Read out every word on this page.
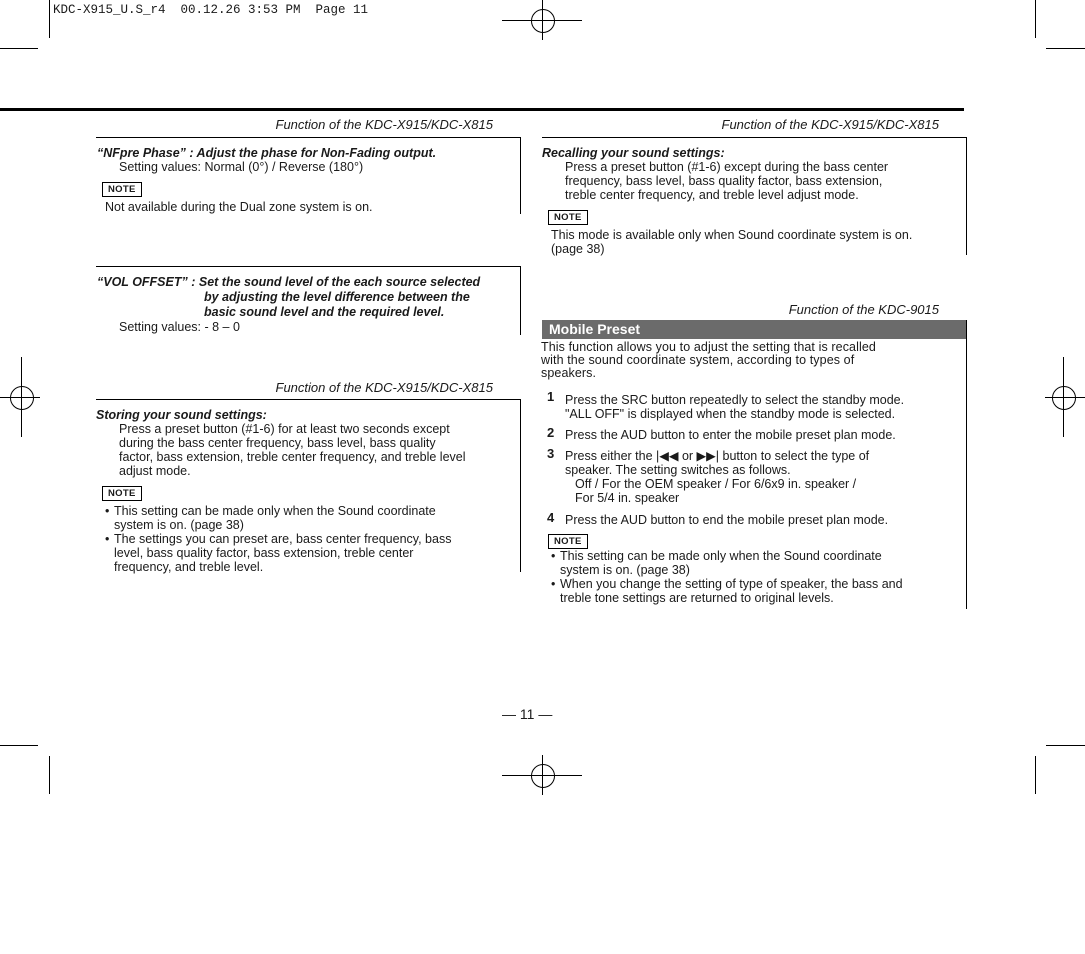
KDC-X915_U.S_r4  00.12.26 3:53 PM  Page 11
Function of the KDC-X915/KDC-X815
“NFpre Phase” : Adjust the phase for Non-Fading output.
Setting values: Normal (0°) / Reverse (180°)
NOTE
Not available during the Dual zone system is on.
“VOL OFFSET” : Set the sound level of the each source selected
by adjusting the level difference between the
basic sound level and the required level.
Setting values: - 8 – 0
Function of the KDC-X915/KDC-X815
Storing your sound settings:
Press a preset button (#1-6) for at least two seconds except
during the bass center frequency, bass level, bass quality
factor, bass extension, treble center frequency, and treble level
adjust mode.
NOTE
• This setting can be made only when the Sound coordinate
system is on. (page 38)
• The settings you can preset are, bass center frequency, bass
level, bass quality factor, bass extension, treble center
frequency, and treble level.
Function of the KDC-X915/KDC-X815
Recalling your sound settings:
Press a preset button (#1-6) except during the bass center
frequency, bass level, bass quality factor, bass extension,
treble center frequency, and treble level adjust mode.
NOTE
This mode is available only when Sound coordinate system is on.
(page 38)
Function of the KDC-9015
Mobile Preset
This function allows you to adjust the setting that is recalled
with the sound coordinate system, according to types of
speakers.
1 Press the SRC button repeatedly to select the standby mode.
"ALL OFF" is displayed when the standby mode is selected.
2 Press the AUD button to enter the mobile preset plan mode.
3 Press either the |◀◀ or ▶▶| button to select the type of
speaker. The setting switches as follows.
Off / For the OEM speaker / For 6/6x9 in. speaker /
For 5/4 in. speaker
4 Press the AUD button to end the mobile preset plan mode.
NOTE
• This setting can be made only when the Sound coordinate
system is on. (page 38)
• When you change the setting of type of speaker, the bass and
treble tone settings are returned to original levels.
— 11 —
